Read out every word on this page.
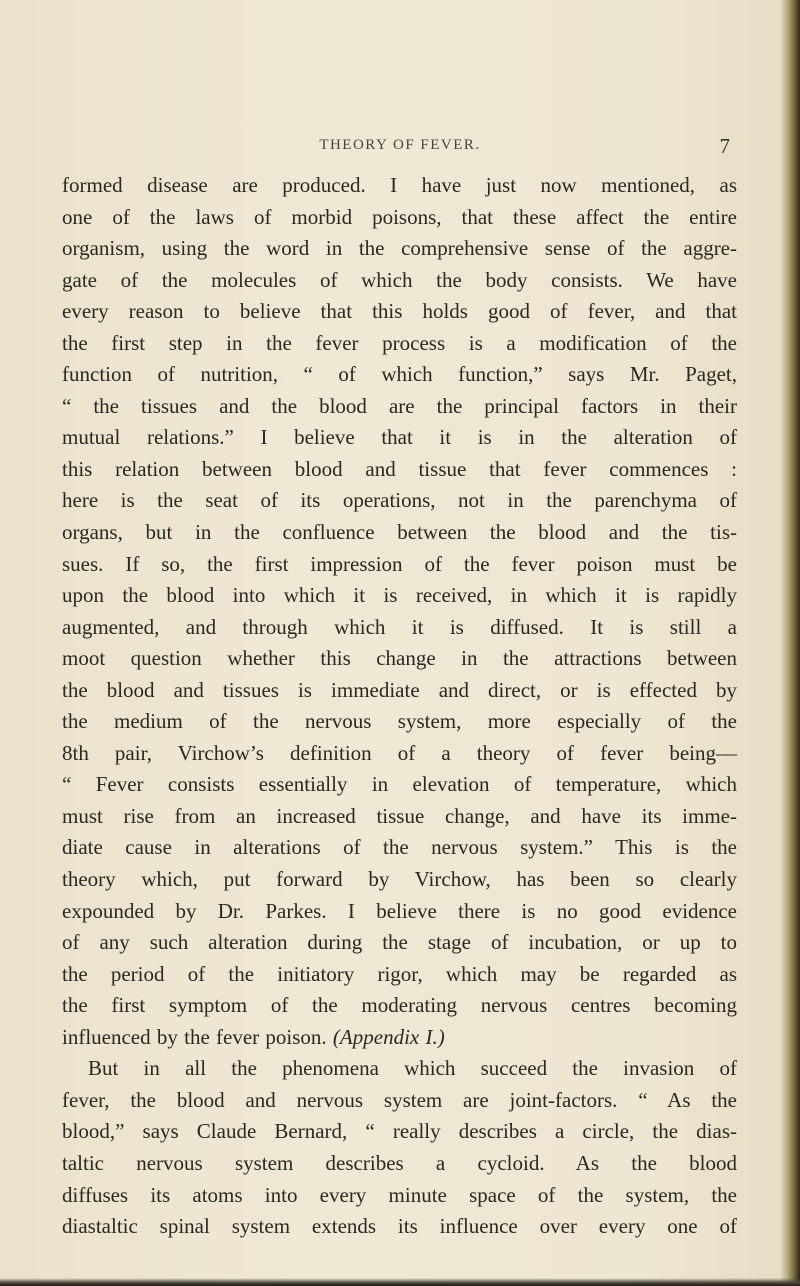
THEORY OF FEVER.	7
formed disease are produced. I have just now mentioned, as
one of the laws of morbid poisons, that these affect the entire
organism, using the word in the comprehensive sense of the aggre-
gate of the molecules of which the body consists. We have
every reason to believe that this holds good of fever, and that
the first step in the fever process is a modification of the
function of nutrition, “ of which function,” says Mr. Paget,
“ the tissues and the blood are the principal factors in their
mutual relations.” I believe that it is in the alteration of
this relation between blood and tissue that fever commences :
here is the seat of its operations, not in the parenchyma of
organs, but in the confluence between the blood and the tis-
sues. If so, the first impression of the fever poison must be
upon the blood into which it is received, in which it is rapidly
augmented, and through which it is diffused. It is still a
moot question whether this change in the attractions between
the blood and tissues is immediate and direct, or is effected by
the medium of the nervous system, more especially of the
8th pair, Virchow’s definition of a theory of fever being—
“ Fever consists essentially in elevation of temperature, which
must rise from an increased tissue change, and have its imme-
diate cause in alterations of the nervous system.” This is the
theory which, put forward by Virchow, has been so clearly
expounded by Dr. Parkes. I believe there is no good evidence
of any such alteration during the stage of incubation, or up to
the period of the initiatory rigor, which may be regarded as
the first symptom of the moderating nervous centres becoming
influenced by the fever poison. (Appendix I.)
But in all the phenomena which succeed the invasion of
fever, the blood and nervous system are joint-factors. “ As the
blood,” says Claude Bernard, “ really describes a circle, the dias-
taltic nervous system describes a cycloid. As the blood
diffuses its atoms into every minute space of the system, the
diastaltic spinal system extends its influence over every one of
